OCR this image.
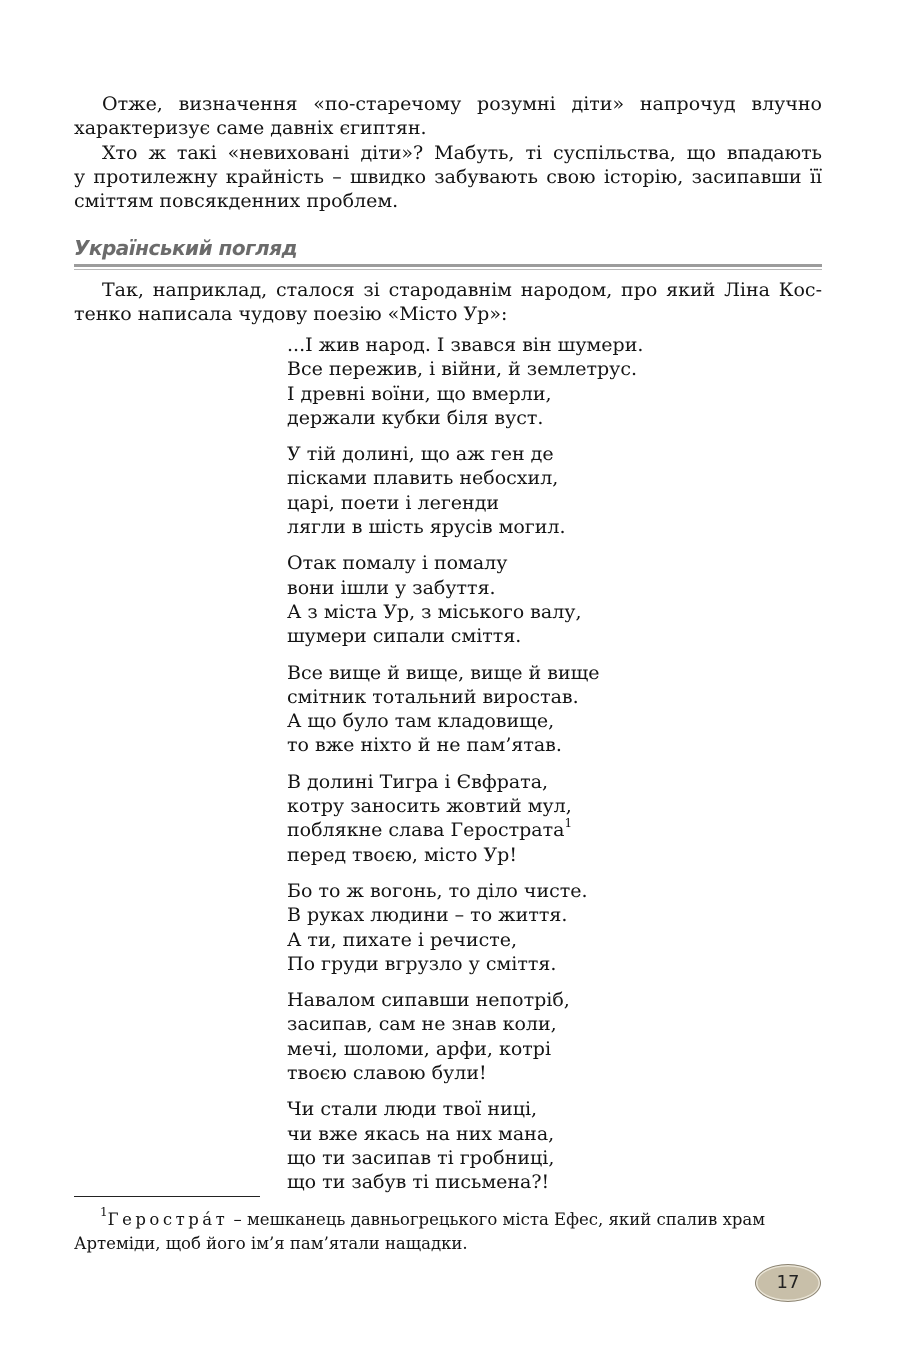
Отже, визначення «по-старечому розумні діти» напрочуд влучно
характеризує саме давніх єгиптян.

Хто ж такі «невиховані діти»? Мабуть, ті суспільства, що впадають
у протилежну крайність – швидко забувають свою історію, засипавши її
сміттям повсякденних проблем.

Український погляд

Так, наприклад, сталося зі стародавнім народом, про який Ліна Кос-
тенко написала чудову поезію «Місто Ур»:

...І жив народ. І звався він шумери.
Все пережив, і війни, й землетрус.
І древні воїни, що вмерли,
держали кубки біля вуст.
У тій долині, що аж ген де
пісками плавить небосхил,
царі, поети і легенди
лягли в шість ярусів могил.
Отак помалу і помалу
вони ішли у забуття.
А з міста Ур, з міського валу,
шумери сипали сміття.
Все вище й вище, вище й вище
смітник тотальний виростав.
А що було там кладовище,
то вже ніхто й не пам’ятав.
В долині Тигра і Євфрата,
котру заносить жовтий мул,
поблякне слава Герострата$^1$
перед твоєю, місто Ур!
Бо то ж вогонь, то діло чисте.
В руках людини – то життя.
А ти, пихате і речисте,
По груди вгрузло у сміття.
Навалом сипавши непотріб,
засипав, сам не знав коли,
мечі, шоломи, арфи, котрі
твоєю славою були!
Чи стали люди твої ниці,
чи вже якась на них мана,
що ти засипав ті гробниці,
що ти забув ті письмена?!

$^1$Герострáт – мешканець давньогрецького міста Ефес, який спалив храм
Артеміди, щоб його ім’я пам’ятали нащадки.

17
